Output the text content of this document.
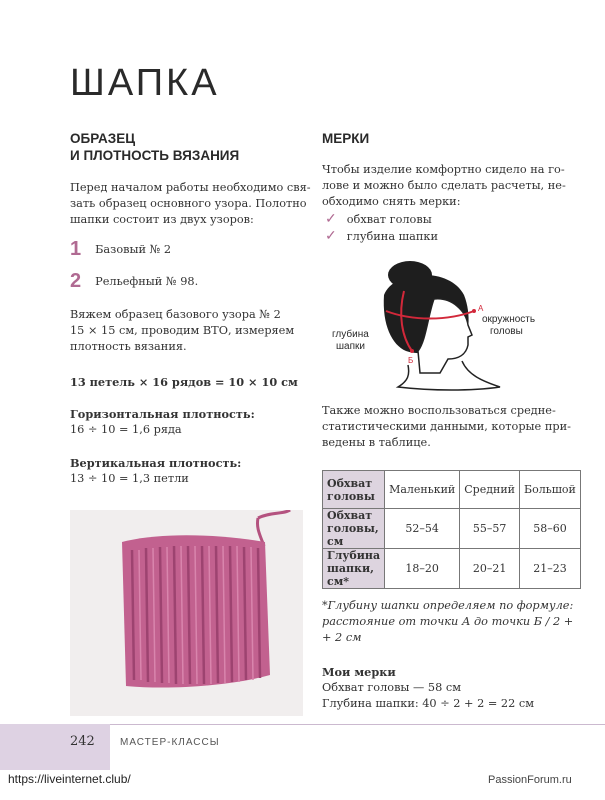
ШАПКА
ОБРАЗЕЦ
И ПЛОТНОСТЬ ВЯЗАНИЯ
Перед началом работы необходимо свя-
зать образец основного узора. Полотно
шапки состоит из двух узоров:
1 Базовый № 2
2 Рельефный № 98.
Вяжем образец базового узора № 2
15 × 15 см, проводим ВТО, измеряем
плотность вязания.
13 петель × 16 рядов = 10 × 10 см
Горизонтальная плотность:
16 ÷ 10 = 1,6 ряда
Вертикальная плотность:
13 ÷ 10 = 1,3 петли
МЕРКИ
Чтобы изделие комфортно сидело на го-
лове и можно было сделать расчеты, не-
обходимо снять мерки:
✓ обхват головы
✓ глубина шапки
А
Б
глубина
шапки
окружность
головы
Также можно воспользоваться средне-
статистическими данными, которые при-
ведены в таблице.
Обхват головы	Маленький	Средний	Большой
Обхват головы, см	52–54	55–57	58–60
Глубина шапки, см*	18–20	20–21	21–23
*Глубину шапки определяем по формуле:
расстояние от точки А до точки Б / 2 +
+ 2 см
Мои мерки
Обхват головы — 58 см
Глубина шапки: 40 ÷ 2 + 2 = 22 см
242	МАСТЕР-КЛАССЫ
https://liveinternet.club/	PassionForum.ru
